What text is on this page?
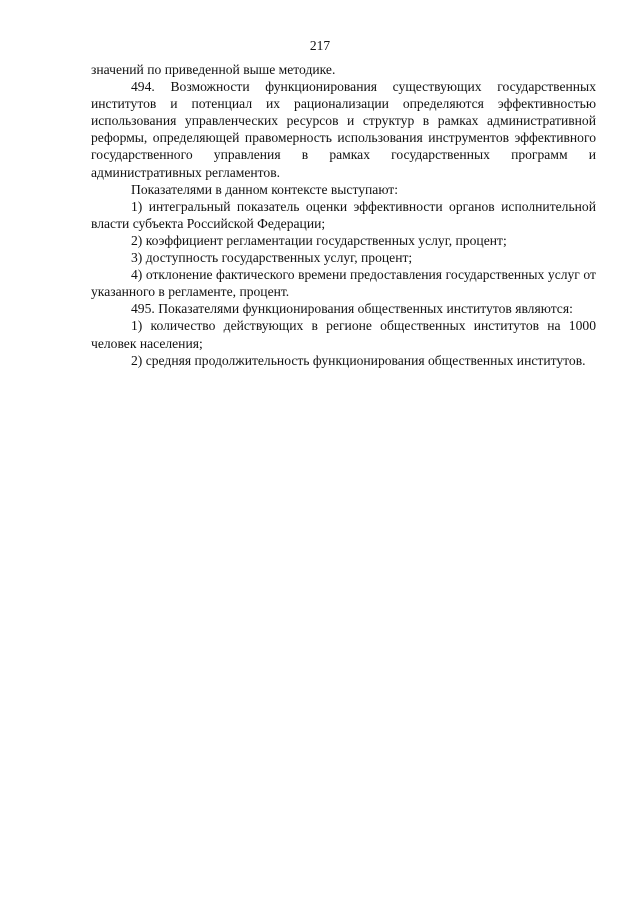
217

значений по приведенной выше методике.

494. Возможности функционирования существующих государственных институтов и потенциал их рационализации определяются эффективностью использования управленческих ресурсов и структур в рамках административной реформы, определяющей правомерность использования инструментов эффективного государственного управления в рамках государственных программ и административных регламентов.

Показателями в данном контексте выступают:

1) интегральный показатель оценки эффективности органов исполнительной власти субъекта Российской Федерации;

2) коэффициент регламентации государственных услуг, процент;

3) доступность государственных услуг, процент;

4) отклонение фактического времени предоставления государственных услуг от указанного в регламенте, процент.

495. Показателями функционирования общественных институтов являются:

1) количество действующих в регионе общественных институтов на 1000 человек населения;

2) средняя продолжительность функционирования общественных институтов.
